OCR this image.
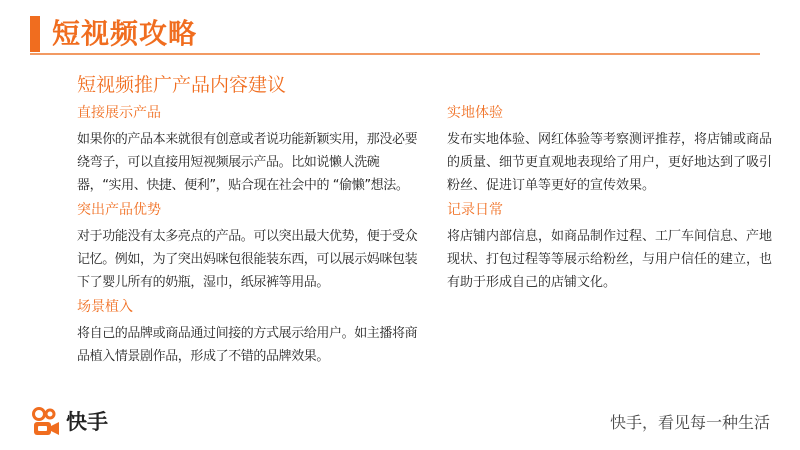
短视频攻略
短视频推广产品内容建议
直接展示产品
如果你的产品本来就很有创意或者说功能新颖实用，那没必要绕弯子，可以直接用短视频展示产品。比如说懒人洗碗器，“实用、快捷、便利”，贴合现在社会中的 “偷懒”想法。
突出产品优势
对于功能没有太多亮点的产品。可以突出最大优势，便于受众记忆。例如，为了突出妈咪包很能装东西，可以展示妈咪包装下了婴儿所有的奶瓶，湿巾，纸尿裤等用品。
场景植入
将自己的品牌或商品通过间接的方式展示给用户。如主播将商品植入情景剧作品，形成了不错的品牌效果。
实地体验
发布实地体验、网红体验等考察测评推荐，将店铺或商品的质量、细节更直观地表现给了用户，更好地达到了吸引粉丝、促进订单等更好的宣传效果。
记录日常
将店铺内部信息，如商品制作过程、工厂车间信息、产地现状、打包过程等等展示给粉丝，与用户信任的建立，也有助于形成自己的店铺文化。
快手	快手，看见每一种生活
